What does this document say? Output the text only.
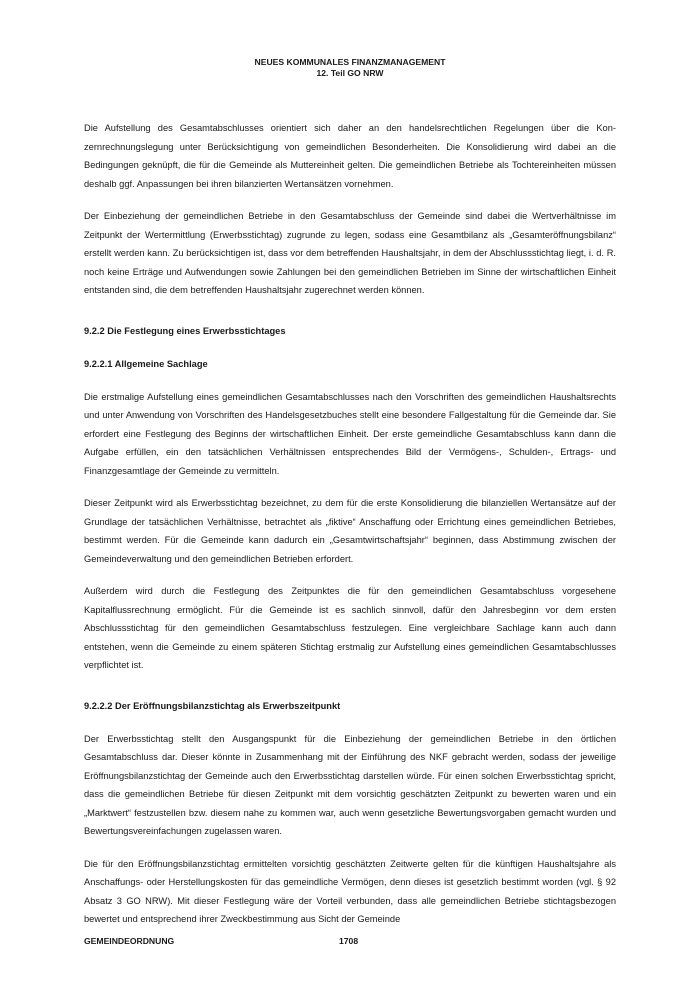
NEUES KOMMUNALES FINANZMANAGEMENT
12. Teil GO NRW

Die Aufstellung des Gesamtabschlusses orientiert sich daher an den handelsrechtlichen Regelungen über die Konzernrechnungslegung unter Berücksichtigung von gemeindlichen Besonderheiten. Die Konsolidierung wird dabei an die Bedingungen geknüpft, die für die Gemeinde als Muttereinheit gelten. Die gemeindlichen Betriebe als Tochtereinheiten müssen deshalb ggf. Anpassungen bei ihren bilanzierten Wertansätzen vornehmen.

Der Einbeziehung der gemeindlichen Betriebe in den Gesamtabschluss der Gemeinde sind dabei die Wertverhältnisse im Zeitpunkt der Wertermittlung (Erwerbsstichtag) zugrunde zu legen, sodass eine Gesamtbilanz als „Gesamteröffnungsbilanz“ erstellt werden kann. Zu berücksichtigen ist, dass vor dem betreffenden Haushaltsjahr, in dem der Abschlussstichtag liegt, i. d. R. noch keine Erträge und Aufwendungen sowie Zahlungen bei den gemeindlichen Betrieben im Sinne der wirtschaftlichen Einheit entstanden sind, die dem betreffenden Haushaltsjahr zugerechnet werden können.

9.2.2 Die Festlegung eines Erwerbsstichtages
9.2.2.1 Allgemeine Sachlage

Die erstmalige Aufstellung eines gemeindlichen Gesamtabschlusses nach den Vorschriften des gemeindlichen Haushaltsrechts und unter Anwendung von Vorschriften des Handelsgesetzbuches stellt eine besondere Fallgestaltung für die Gemeinde dar. Sie erfordert eine Festlegung des Beginns der wirtschaftlichen Einheit. Der erste gemeindliche Gesamtabschluss kann dann die Aufgabe erfüllen, ein den tatsächlichen Verhältnissen entsprechendes Bild der Vermögens-, Schulden-, Ertrags- und Finanzgesamtlage der Gemeinde zu vermitteln.

Dieser Zeitpunkt wird als Erwerbsstichtag bezeichnet, zu dem für die erste Konsolidierung die bilanziellen Wertansätze auf der Grundlage der tatsächlichen Verhältnisse, betrachtet als „fiktive“ Anschaffung oder Errichtung eines gemeindlichen Betriebes, bestimmt werden. Für die Gemeinde kann dadurch ein „Gesamtwirtschaftsjahr“ beginnen, dass Abstimmung zwischen der Gemeindeverwaltung und den gemeindlichen Betrieben erfordert.

Außerdem wird durch die Festlegung des Zeitpunktes die für den gemeindlichen Gesamtabschluss vorgesehene Kapitalflussrechnung ermöglicht. Für die Gemeinde ist es sachlich sinnvoll, dafür den Jahresbeginn vor dem ersten Abschlussstichtag für den gemeindlichen Gesamtabschluss festzulegen. Eine vergleichbare Sachlage kann auch dann entstehen, wenn die Gemeinde zu einem späteren Stichtag erstmalig zur Aufstellung eines gemeindlichen Gesamtabschlusses verpflichtet ist.

9.2.2.2 Der Eröffnungsbilanzstichtag als Erwerbszeitpunkt

Der Erwerbsstichtag stellt den Ausgangspunkt für die Einbeziehung der gemeindlichen Betriebe in den örtlichen Gesamtabschluss dar. Dieser könnte in Zusammenhang mit der Einführung des NKF gebracht werden, sodass der jeweilige Eröffnungsbilanzstichtag der Gemeinde auch den Erwerbsstichtag darstellen würde. Für einen solchen Erwerbsstichtag spricht, dass die gemeindlichen Betriebe für diesen Zeitpunkt mit dem vorsichtig geschätzten Zeitpunkt zu bewerten waren und ein „Marktwert“ festzustellen bzw. diesem nahe zu kommen war, auch wenn gesetzliche Bewertungsvorgaben gemacht wurden und Bewertungsvereinfachungen zugelassen waren.

Die für den Eröffnungsbilanzstichtag ermittelten vorsichtig geschätzten Zeitwerte gelten für die künftigen Haushaltsjahre als Anschaffungs- oder Herstellungskosten für das gemeindliche Vermögen, denn dieses ist gesetzlich bestimmt worden (vgl. § 92 Absatz 3 GO NRW). Mit dieser Festlegung wäre der Vorteil verbunden, dass alle gemeindlichen Betriebe stichtagsbezogen bewertet und entsprechend ihrer Zweckbestimmung aus Sicht der Gemeinde

GEMEINDEORDNUNG	1708
